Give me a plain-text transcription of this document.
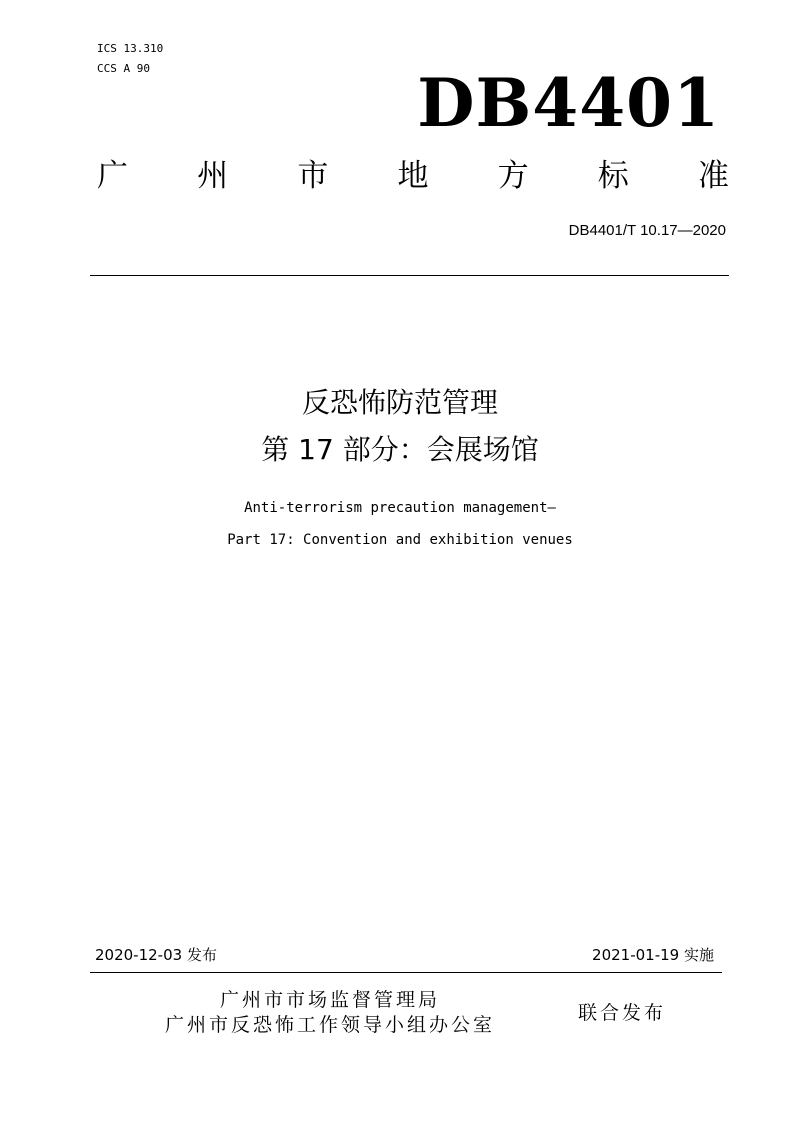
ICS 13.310
CCS A 90	DB4401
广 州 市 地 方 标 准
DB4401/T 10.17—2020
反恐怖防范管理
第 17 部分：会展场馆
Anti-terrorism precaution management—
Part 17: Convention and exhibition venues
2020-12-03 发布	2021-01-19 实施
广州市市场监督管理局
广州市反恐怖工作领导小组办公室
联合发布
